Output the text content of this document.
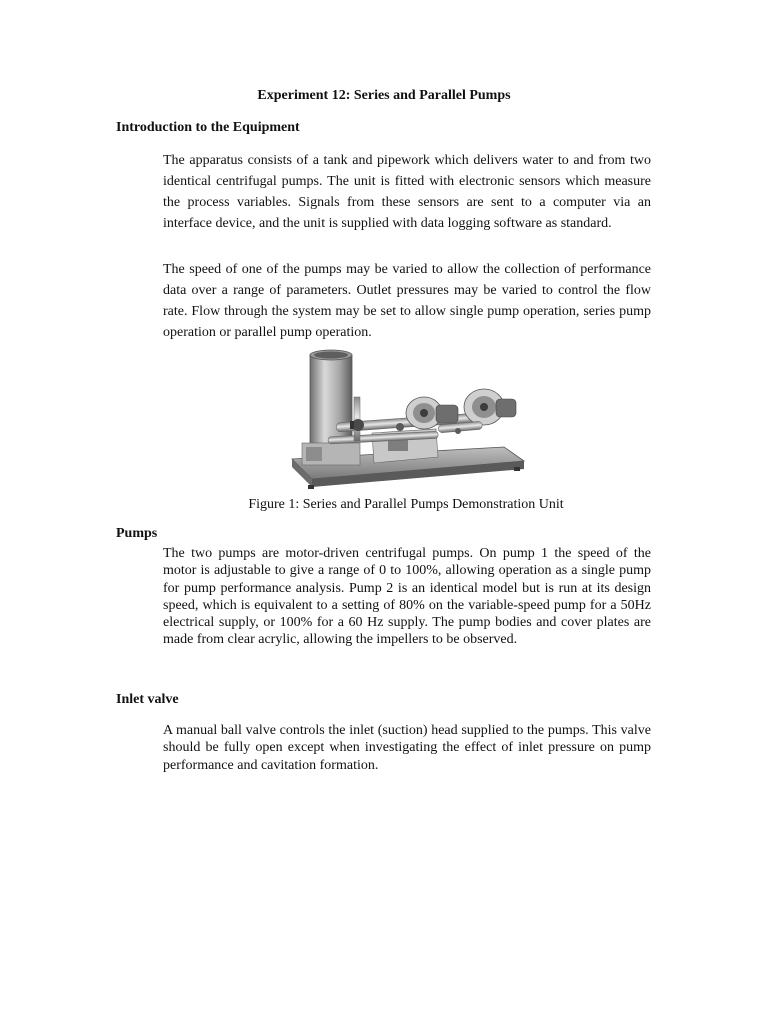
Experiment 12: Series and Parallel Pumps
Introduction to the Equipment

The apparatus consists of a tank and pipework which delivers water to and from two identical centrifugal pumps. The unit is fitted with electronic sensors which measure the process variables. Signals from these sensors are sent to a computer via an interface device, and the unit is supplied with data logging software as standard.

The speed of one of the pumps may be varied to allow the collection of performance data over a range of parameters. Outlet pressures may be varied to control the flow rate. Flow through the system may be set to allow single pump operation, series pump operation or parallel pump operation.

Figure 1: Series and Parallel Pumps Demonstration Unit
Pumps

The two pumps are motor-driven centrifugal pumps. On pump 1 the speed of the motor is adjustable to give a range of 0 to 100%, allowing operation as a single pump for pump performance analysis. Pump 2 is an identical model but is run at its design speed, which is equivalent to a setting of 80% on the variable-speed pump for a 50Hz electrical supply, or 100% for a 60 Hz supply. The pump bodies and cover plates are made from clear acrylic, allowing the impellers to be observed.

Inlet valve

A manual ball valve controls the inlet (suction) head supplied to the pumps. This valve should be fully open except when investigating the effect of inlet pressure on pump performance and cavitation formation.
